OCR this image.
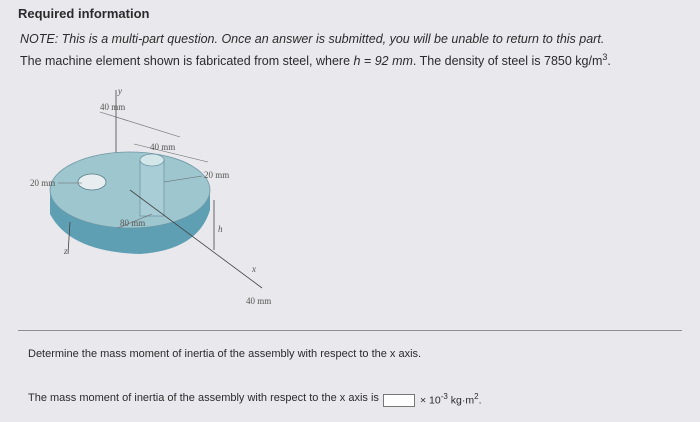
Required information
NOTE: This is a multi-part question. Once an answer is submitted, you will be unable to return to this part.
The machine element shown is fabricated from steel, where h = 92 mm. The density of steel is 7850 $kg/m^3$.
y
40 mm
40 mm
20 mm
20 mm
80 mm
h
x
40 mm
z
Determine the mass moment of inertia of the assembly with respect to the x axis.
The mass moment of inertia of the assembly with respect to the x axis is	× $10^{-3}$ $kg\cdot m^2$.
